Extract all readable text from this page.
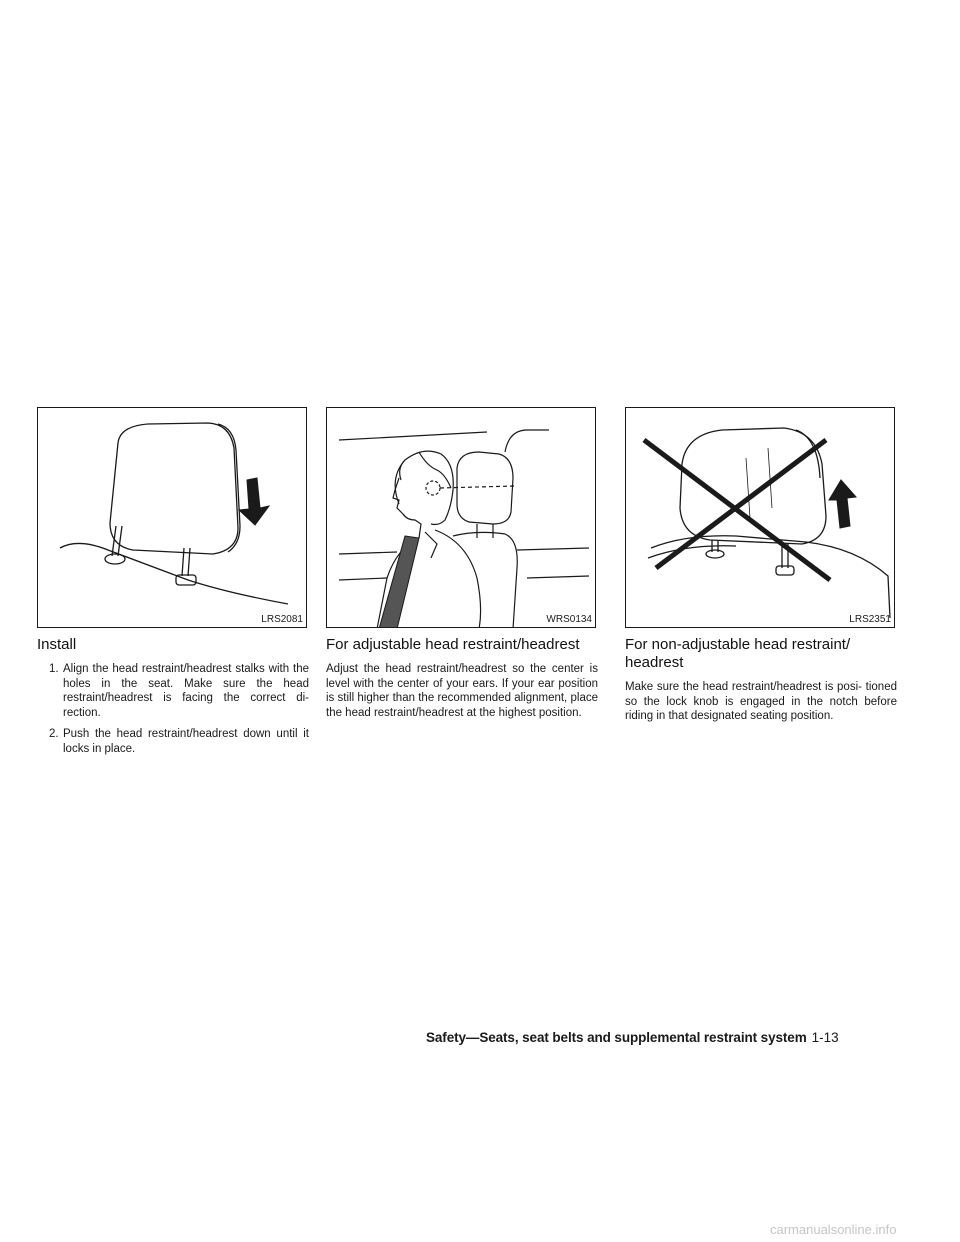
LRS2081	WRS0134	LRS2351
Install
1. Align the head restraint/headrest stalks with the holes in the seat. Make sure the head restraint/headrest is facing the correct di- rection.
2. Push the head restraint/headrest down until it locks in place.
For adjustable head restraint/headrest

Adjust the head restraint/headrest so the center is level with the center of your ears. If your ear position is still higher than the recommended alignment, place the head restraint/headrest at the highest position.

For non-adjustable head restraint/ headrest

Make sure the head restraint/headrest is posi- tioned so the lock knob is engaged in the notch before riding in that designated seating position.

Safety—Seats, seat belts and supplemental restraint system 1-13
carmanualsonline.info
